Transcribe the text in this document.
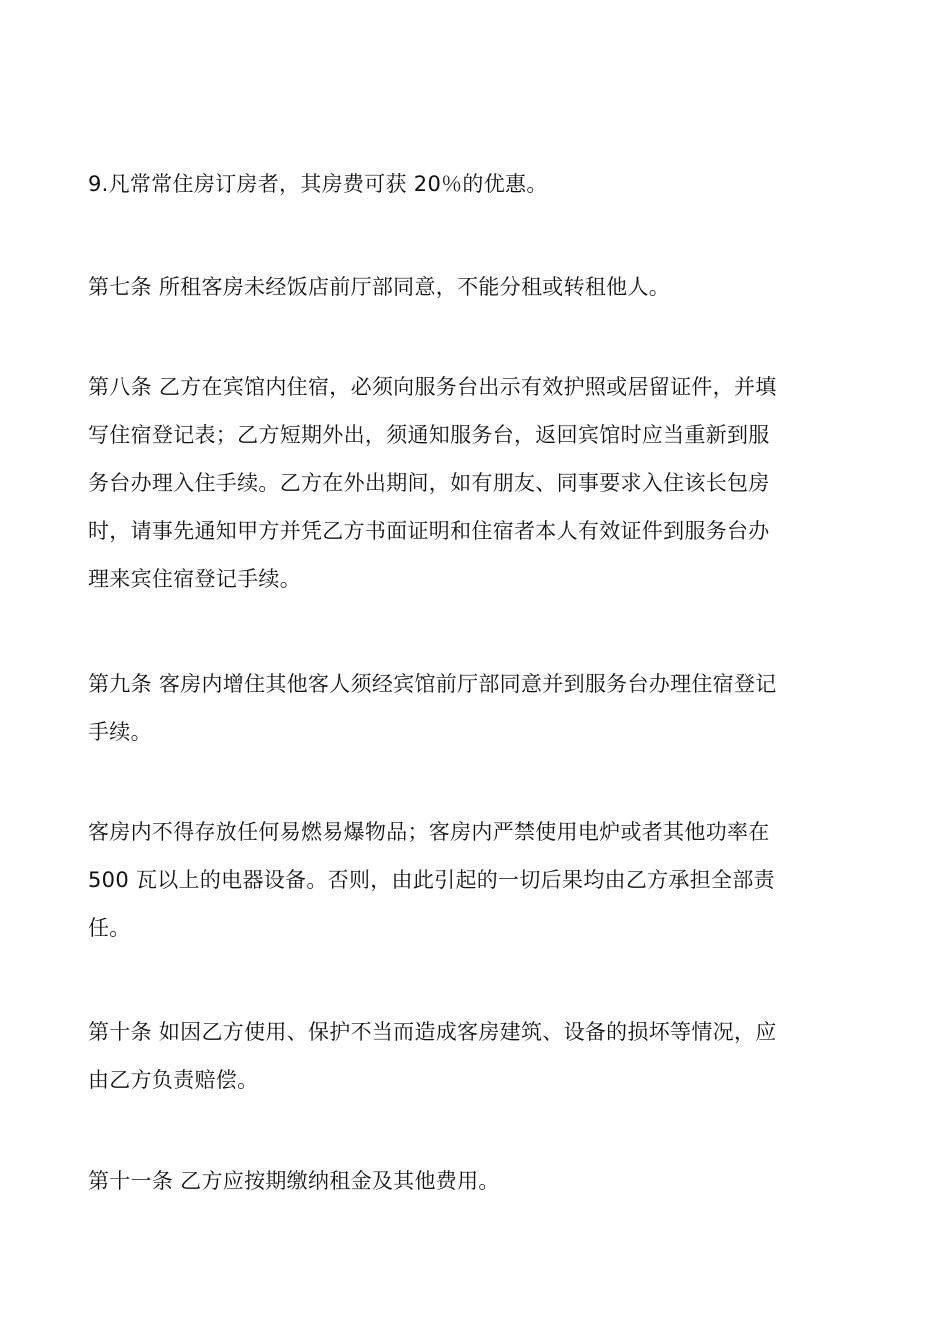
9.凡常常住房订房者，其房费可获 20％的优惠。

第七条 所租客房未经饭店前厅部同意，不能分租或转租他人。

第八条 乙方在宾馆内住宿，必须向服务台出示有效护照或居留证件，并填
写住宿登记表；乙方短期外出，须通知服务台，返回宾馆时应当重新到服
务台办理入住手续。乙方在外出期间，如有朋友、同事要求入住该长包房
时，请事先通知甲方并凭乙方书面证明和住宿者本人有效证件到服务台办
理来宾住宿登记手续。

第九条 客房内增住其他客人须经宾馆前厅部同意并到服务台办理住宿登记
手续。

客房内不得存放任何易燃易爆物品；客房内严禁使用电炉或者其他功率在
500 瓦以上的电器设备。否则，由此引起的一切后果均由乙方承担全部责
任。

第十条 如因乙方使用、保护不当而造成客房建筑、设备的损坏等情况，应
由乙方负责赔偿。

第十一条 乙方应按期缴纳租金及其他费用。
